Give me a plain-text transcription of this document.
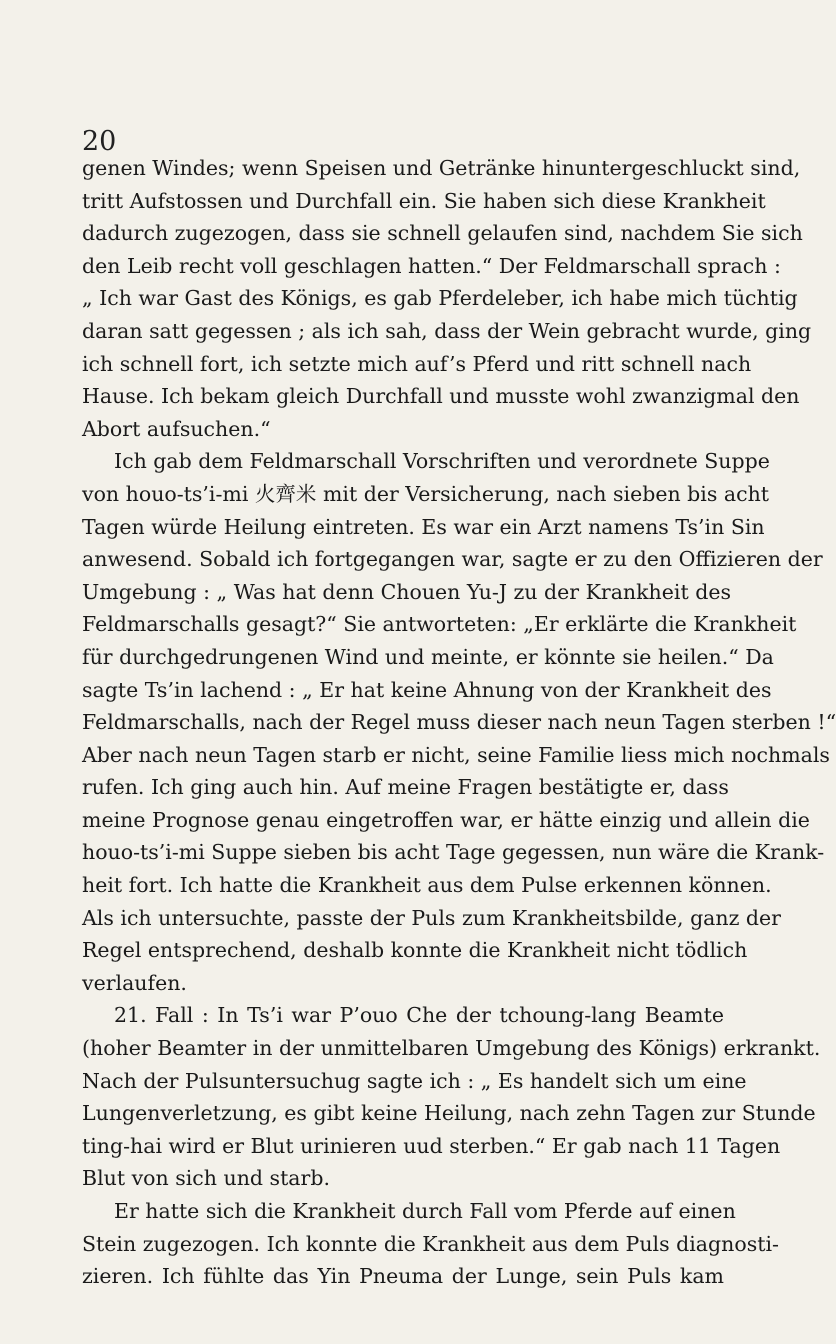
20
genen Windes; wenn Speisen und Getränke hinuntergeschluckt sind,
tritt Aufstossen und Durchfall ein. Sie haben sich diese Krankheit
dadurch zugezogen, dass sie schnell gelaufen sind, nachdem Sie sich
den Leib recht voll geschlagen hatten.“ Der Feldmarschall sprach :
„ Ich war Gast des Königs, es gab Pferdeleber, ich habe mich tüchtig
daran satt gegessen ; als ich sah, dass der Wein gebracht wurde, ging
ich schnell fort, ich setzte mich auf’s Pferd und ritt schnell nach
Hause. Ich bekam gleich Durchfall und musste wohl zwanzigmal den
Abort aufsuchen.“
Ich gab dem Feldmarschall Vorschriften und verordnete Suppe
von houo-ts’i-mi 火齊米 mit der Versicherung, nach sieben bis acht
Tagen würde Heilung eintreten. Es war ein Arzt namens Ts’in Sin
anwesend. Sobald ich fortgegangen war, sagte er zu den Offizieren der
Umgebung : „ Was hat denn Chouen Yu-J zu der Krankheit des
Feldmarschalls gesagt?“ Sie antworteten: „Er erklärte die Krankheit
für durchgedrungenen Wind und meinte, er könnte sie heilen.“ Da
sagte Ts’in lachend : „ Er hat keine Ahnung von der Krankheit des
Feldmarschalls, nach der Regel muss dieser nach neun Tagen sterben !“
Aber nach neun Tagen starb er nicht, seine Familie liess mich nochmals
rufen. Ich ging auch hin. Auf meine Fragen bestätigte er, dass
meine Prognose genau eingetroffen war, er hätte einzig und allein die
houo-ts’i-mi Suppe sieben bis acht Tage gegessen, nun wäre die Krank-
heit fort. Ich hatte die Krankheit aus dem Pulse erkennen können.
Als ich untersuchte, passte der Puls zum Krankheitsbilde, ganz der
Regel entsprechend, deshalb konnte die Krankheit nicht tödlich
verlaufen.
21. Fall : In Ts’i war P’ouo Che der tchoung-lang Beamte
(hoher Beamter in der unmittelbaren Umgebung des Königs) erkrankt.
Nach der Pulsuntersuchug sagte ich : „ Es handelt sich um eine
Lungenverletzung, es gibt keine Heilung, nach zehn Tagen zur Stunde
ting-hai wird er Blut urinieren uud sterben.“ Er gab nach 11 Tagen
Blut von sich und starb.
Er hatte sich die Krankheit durch Fall vom Pferde auf einen
Stein zugezogen. Ich konnte die Krankheit aus dem Puls diagnosti-
zieren. Ich fühlte das Yin Pneuma der Lunge, sein Puls kam
